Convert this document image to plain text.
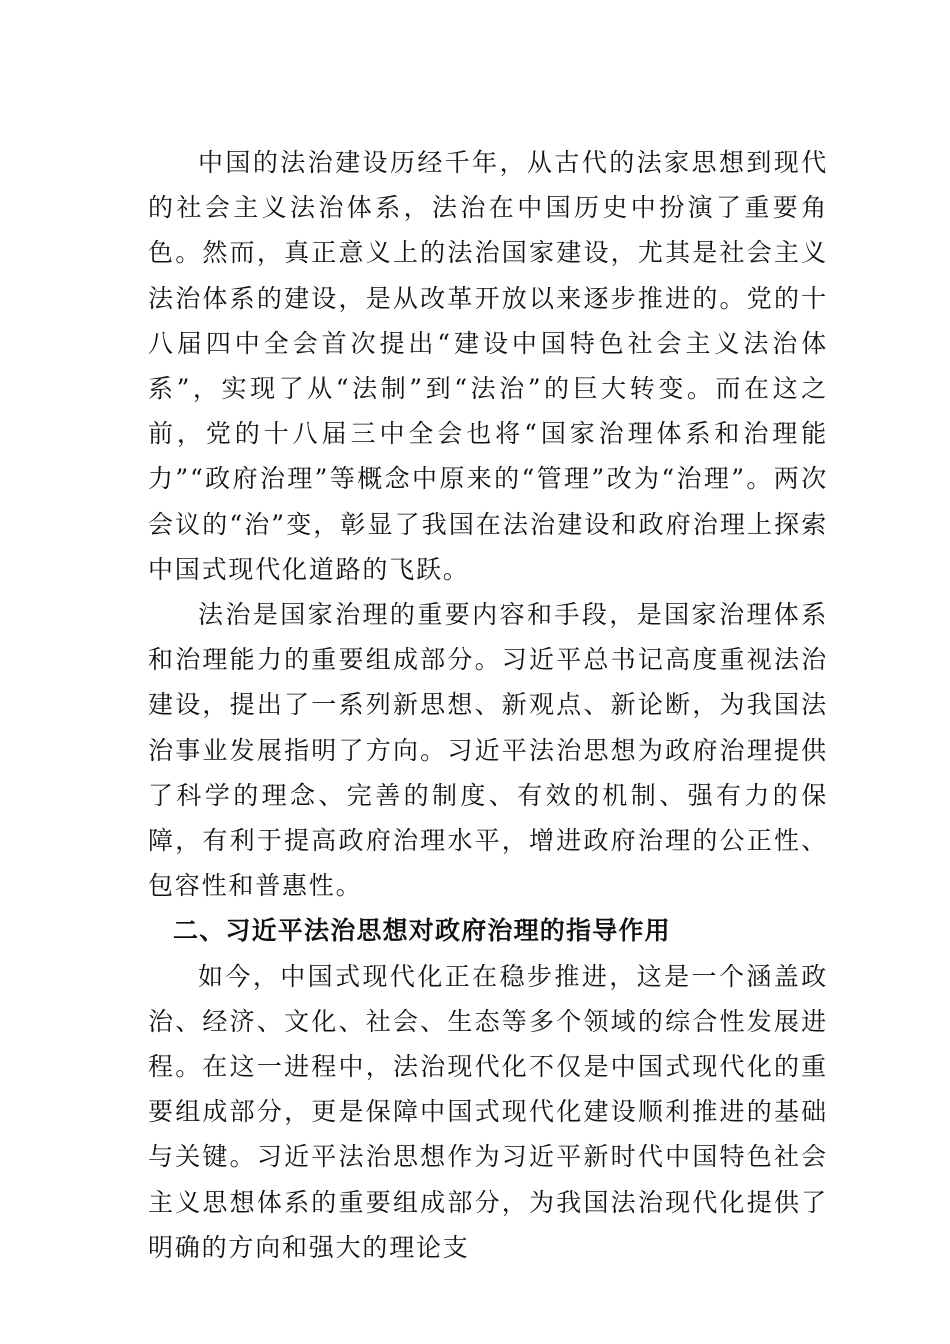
中国的法治建设历经千年，从古代的法家思想到现代的社会主义法治体系，法治在中国历史中扮演了重要角色。然而，真正意义上的法治国家建设，尤其是社会主义法治体系的建设，是从改革开放以来逐步推进的。党的十八届四中全会首次提出“建设中国特色社会主义法治体系”，实现了从“法制”到“法治”的巨大转变。而在这之前，党的十八届三中全会也将“国家治理体系和治理能力”“政府治理”等概念中原来的“管理”改为“治理”。两次会议的“治”变，彰显了我国在法治建设和政府治理上探索中国式现代化道路的飞跃。

法治是国家治理的重要内容和手段，是国家治理体系和治理能力的重要组成部分。习近平总书记高度重视法治建设，提出了一系列新思想、新观点、新论断，为我国法治事业发展指明了方向。习近平法治思想为政府治理提供了科学的理念、完善的制度、有效的机制、强有力的保障，有利于提高政府治理水平，增进政府治理的公正性、包容性和普惠性。

二、习近平法治思想对政府治理的指导作用

如今，中国式现代化正在稳步推进，这是一个涵盖政治、经济、文化、社会、生态等多个领域的综合性发展进程。在这一进程中，法治现代化不仅是中国式现代化的重要组成部分，更是保障中国式现代化建设顺利推进的基础与关键。习近平法治思想作为习近平新时代中国特色社会主义思想体系的重要组成部分，为我国法治现代化提供了明确的方向和强大的理论支
